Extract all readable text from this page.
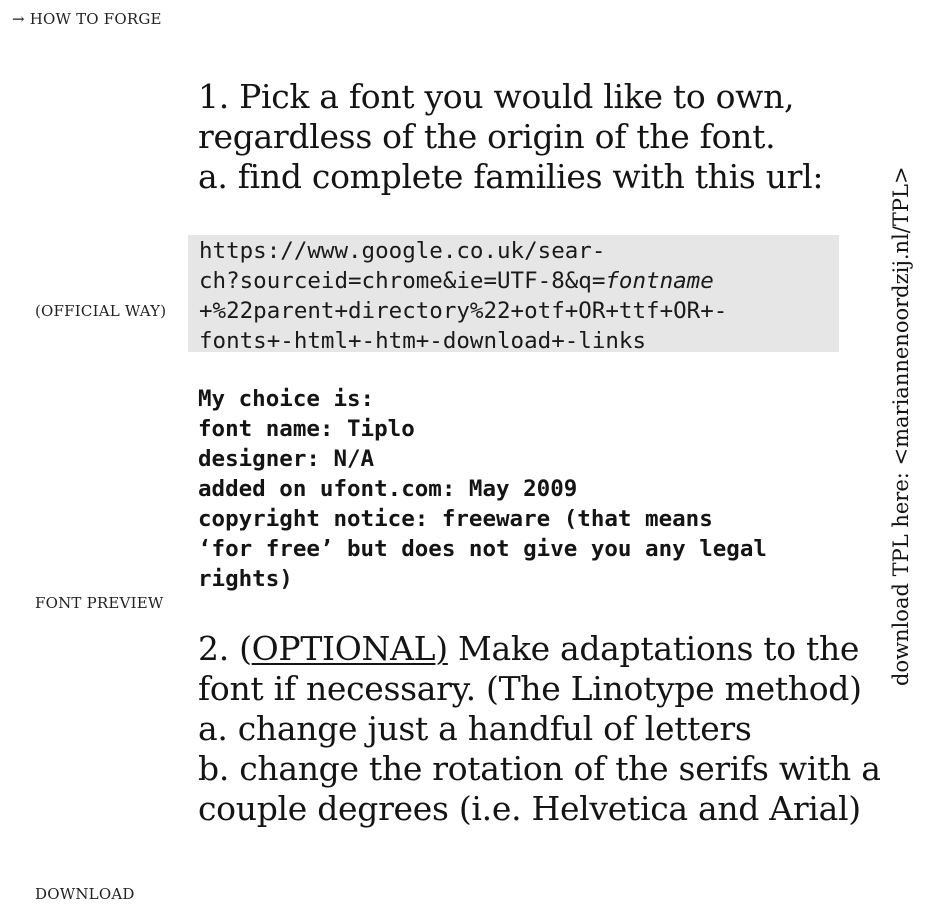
→ HOW TO FORGE
(OFFICIAL WAY)
FONT PREVIEW
DOWNLOAD

1. Pick a font you would like to own,
regardless of the origin of the font.
a. find complete families with this url:

https://www.google.co.uk/sear-
ch?sourceid=chrome&ie=UTF-8&q=fontname
+%22parent+directory%22+otf+OR+ttf+OR+-
fonts+-html+-htm+-download+-links
My choice is:
font name: Tiplo
designer: N/A
added on ufont.com: May 2009
copyright notice: freeware (that means
‘for free’ but does not give you any legal
rights)

2. (OPTIONAL) Make adaptations to the
font if necessary. (The Linotype method)
a. change just a handful of letters
b. change the rotation of the serifs with a
couple degrees (i.e. Helvetica and Arial)

download TPL here: <mariannenoordzij.nl/TPL>
